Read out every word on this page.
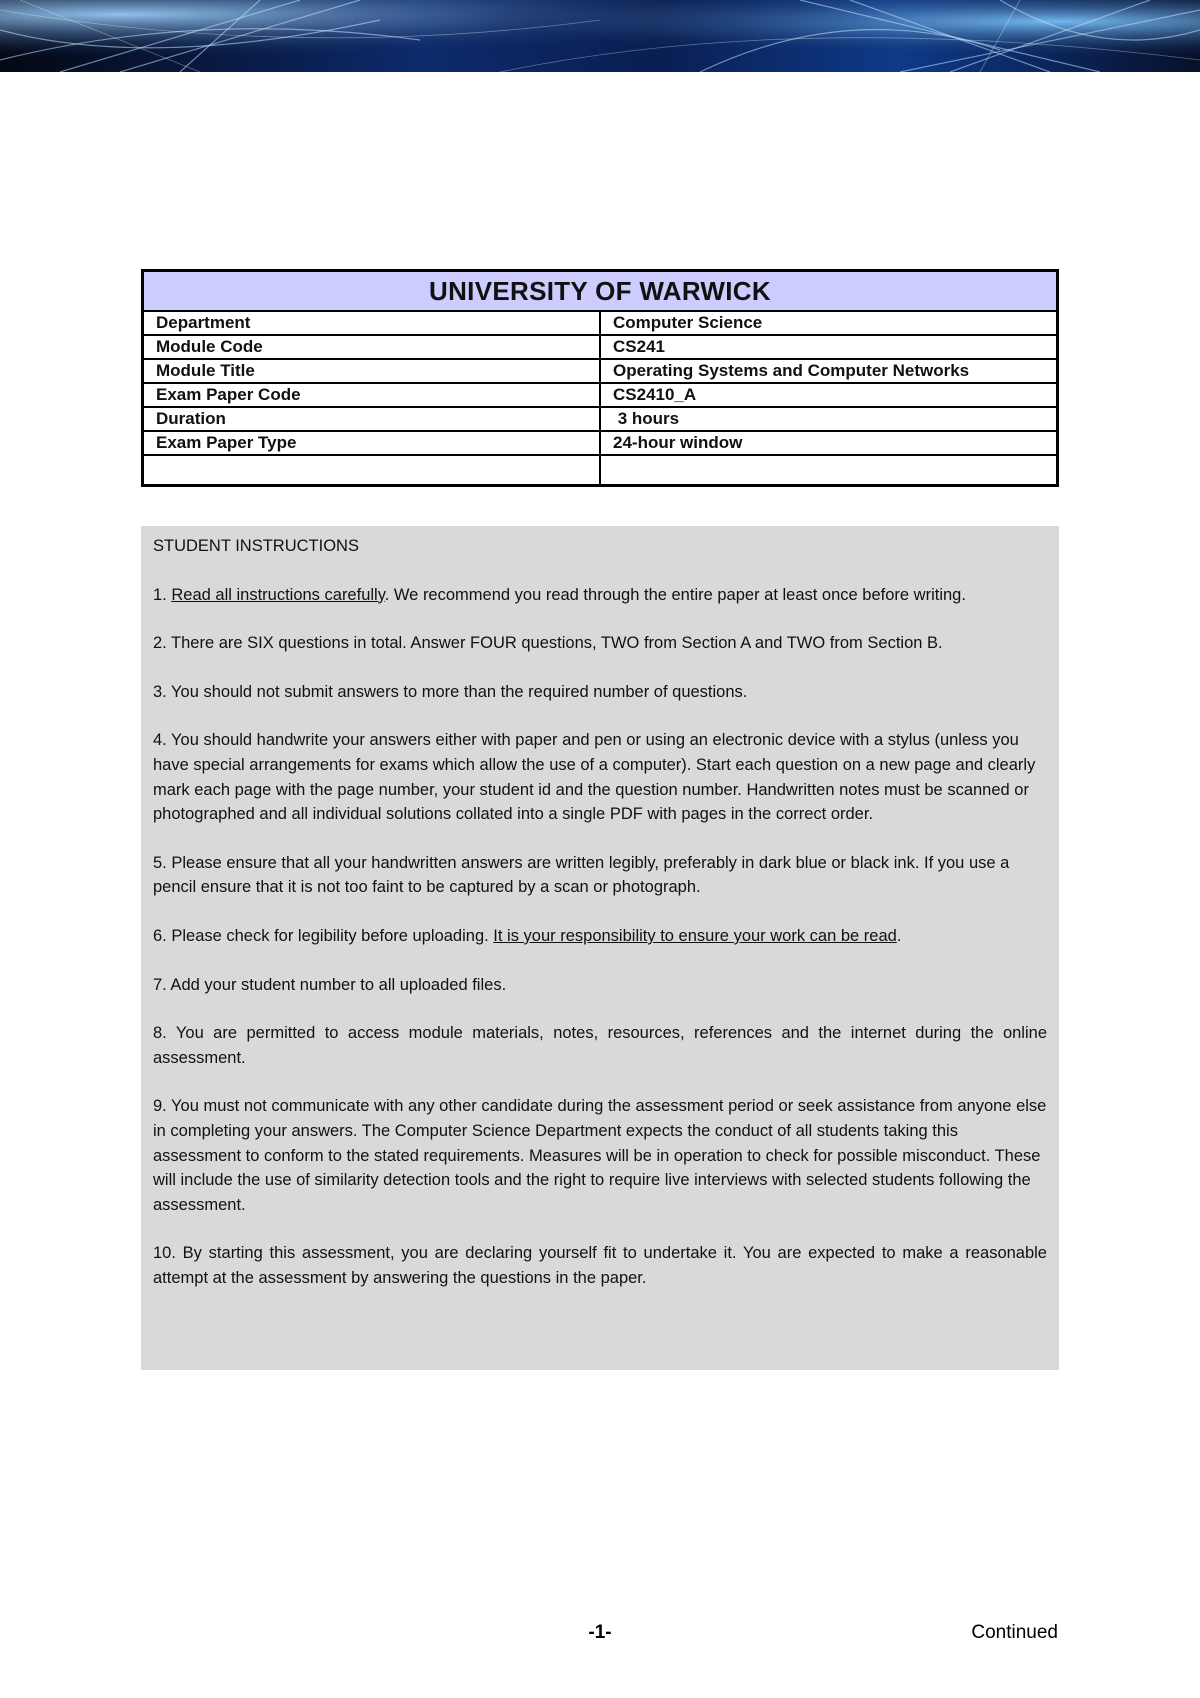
UNIVERSITY OF WARWICK	
Department	Computer Science
Module Code	CS241
Module Title	Operating Systems and Computer Networks
Exam Paper Code	CS2410_A
Duration	3 hours
Exam Paper Type	24-hour window

STUDENT INSTRUCTIONS

1. Read all instructions carefully. We recommend you read through the entire paper at least once before writing.

2. There are SIX questions in total. Answer FOUR questions, TWO from Section A and TWO from Section B.

3. You should not submit answers to more than the required number of questions.

4. You should handwrite your answers either with paper and pen or using an electronic device with a stylus (unless you have special arrangements for exams which allow the use of a computer). Start each question on a new page and clearly mark each page with the page number, your student id and the question number. Handwritten notes must be scanned or photographed and all individual solutions collated into a single PDF with pages in the correct order.

5. Please ensure that all your handwritten answers are written legibly, preferably in dark blue or black ink. If you use a pencil ensure that it is not too faint to be captured by a scan or photograph.

6. Please check for legibility before uploading. It is your responsibility to ensure your work can be read.

7. Add your student number to all uploaded files.

8. You are permitted to access module materials, notes, resources, references and the internet during the online assessment.

9. You must not communicate with any other candidate during the assessment period or seek assistance from anyone else in completing your answers. The Computer Science Department expects the conduct of all students taking this assessment to conform to the stated requirements. Measures will be in operation to check for possible misconduct. These will include the use of similarity detection tools and the right to require live interviews with selected students following the assessment.

10. By starting this assessment, you are declaring yourself fit to undertake it. You are expected to make a reasonable attempt at the assessment by answering the questions in the paper.

-1-	Continued
